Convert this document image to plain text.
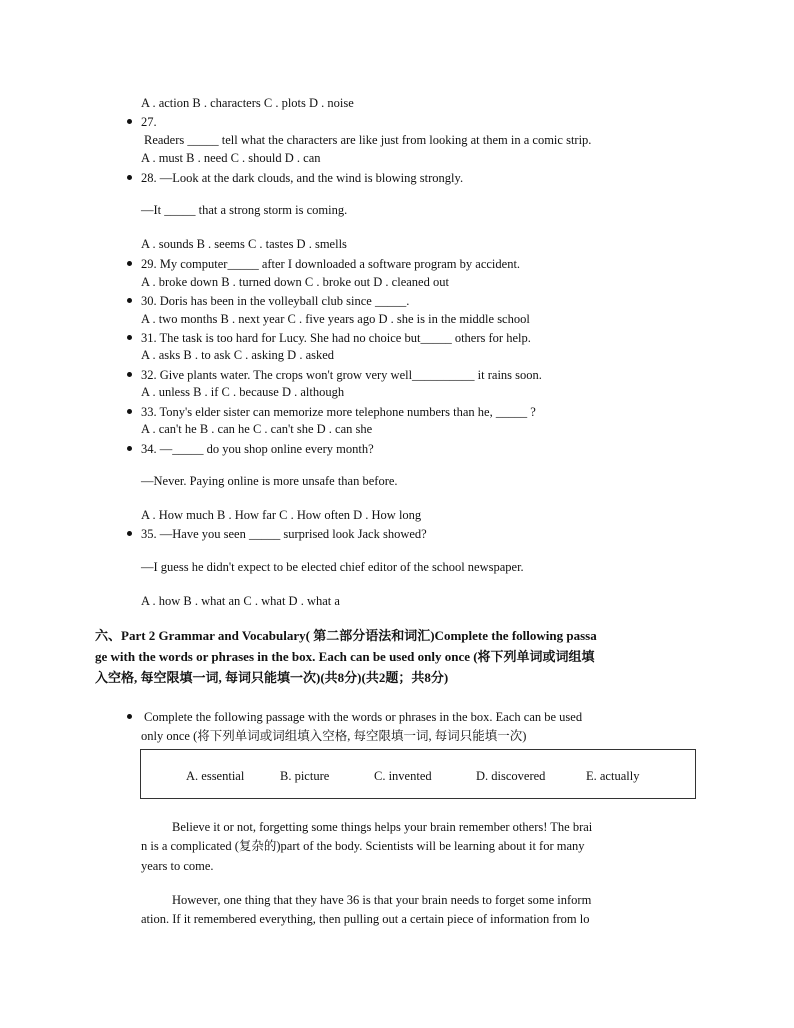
A . action B . characters C . plots D . noise
27.
Readers _____ tell what the characters are like just from looking at them in a comic strip.
A . must B . need C . should D . can
28. —Look at the dark clouds, and the wind is blowing strongly.
—It _____ that a strong storm is coming.
A . sounds B . seems C . tastes D . smells
29. My computer_____ after I downloaded a software program by accident.
A . broke down B . turned down C . broke out D . cleaned out
30. Doris has been in the volleyball club since _____.
A . two months B . next year C . five years ago D . she is in the middle school
31. The task is too hard for Lucy. She had no choice but_____ others for help.
A . asks B . to ask C . asking D . asked
32. Give plants water. The crops won't grow very well__________ it rains soon.
A . unless B . if C . because D . although
33. Tony's elder sister can memorize more telephone numbers than he, _____ ?
A . can't he B . can he C . can't she D . can she
34. —_____ do you shop online every month?
—Never. Paying online is more unsafe than before.
A . How much B . How far C . How often D . How long
35. —Have you seen _____ surprised look Jack showed?
—I guess he didn't expect to be elected chief editor of the school newspaper.
A . how B . what an C . what D . what a
六、Part 2 Grammar and Vocabulary( 第二部分语法和词汇)Complete the following passa
ge with the words or phrases in the box. Each can be used only once (将下列单词或词组填
入空格, 每空限填一词, 每词只能填一次)(共8分)(共2题；共8分)
Complete the following passage with the words or phrases in the box. Each can be used
only once (将下列单词或词组填入空格, 每空限填一词, 每词只能填一次)
A. essential	B. picture	C. invented	D. discovered	E. actually
Believe it or not, forgetting some things helps your brain remember others! The brai
n is a complicated (复杂的)part of the body. Scientists will be learning about it for many
years to come.
However, one thing that they have 36 is that your brain needs to forget some inform
ation. If it remembered everything, then pulling out a certain piece of information from lo
